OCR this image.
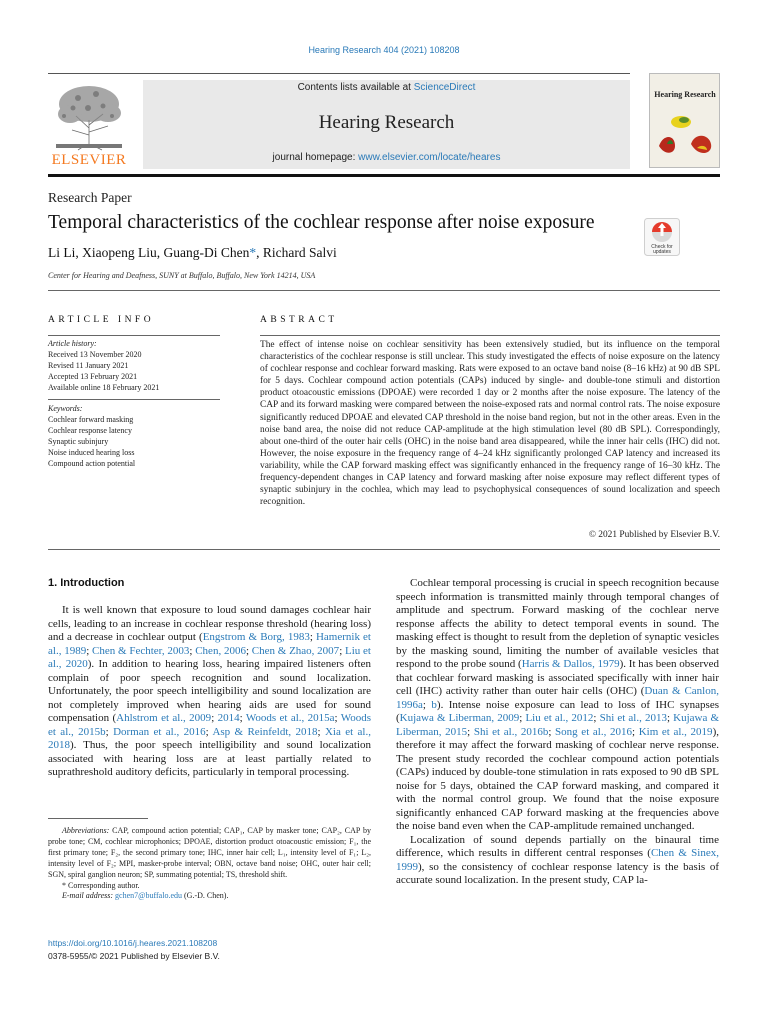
Hearing Research 404 (2021) 108208
ELSEVIER
Contents lists available at ScienceDirect
Hearing Research
journal homepage: www.elsevier.com/locate/heares
Hearing Research
Research Paper
Temporal characteristics of the cochlear response after noise exposure
Check for
updates
Li Li, Xiaopeng Liu, Guang-Di Chen*, Richard Salvi
Center for Hearing and Deafness, SUNY at Buffalo, Buffalo, New York 14214, USA
ARTICLE INFO	ABSTRACT
Article history:
Received 13 November 2020
Revised 11 January 2021
Accepted 13 February 2021
Available online 18 February 2021
Keywords:
Cochlear forward masking
Cochlear response latency
Synaptic subinjury
Noise induced hearing loss
Compound action potential
The effect of intense noise on cochlear sensitivity has been extensively studied, but its influence on the temporal characteristics of the cochlear response is still unclear. This study investigated the effects of noise exposure on the latency of cochlear response and cochlear forward masking. Rats were exposed to an octave band noise (8–16 kHz) at 90 dB SPL for 5 days. Cochlear compound action potentials (CAPs) induced by single- and double-tone stimuli and distortion product otoacoustic emissions (DPOAE) were recorded 1 day or 2 months after the noise exposure. The latency of the CAP and its forward masking were compared between the noise-exposed rats and normal control rats. The noise exposure significantly reduced DPOAE and elevated CAP threshold in the noise band region, but not in the other areas. Even in the noise band area, the noise did not reduce CAP-amplitude at the high stimulation level (80 dB SPL). Correspondingly, about one-third of the outer hair cells (OHC) in the noise band area disappeared, while the inner hair cells (IHC) did not. However, the noise exposure in the frequency range of 4–24 kHz significantly prolonged CAP latency and increased its variability, while the CAP forward masking effect was significantly enhanced in the frequency range of 16–30 kHz. The frequency-dependent changes in CAP latency and forward masking after noise exposure may reflect different types of synaptic subinjury in the cochlea, which may lead to psychophysical consequences of sound localization and speech recognition.
© 2021 Published by Elsevier B.V.
1. Introduction

It is well known that exposure to loud sound damages cochlear hair cells, leading to an increase in cochlear response threshold (hearing loss) and a decrease in cochlear output (Engstrom & Borg, 1983; Hamernik et al., 1989; Chen & Fechter, 2003; Chen, 2006; Chen & Zhao, 2007; Liu et al., 2020). In addition to hearing loss, hearing impaired listeners often complain of poor speech recognition and sound localization. Unfortunately, the poor speech intelligibility and sound localization are not completely improved when hearing aids are used for sound compensation (Ahlstrom et al., 2009; 2014; Woods et al., 2015a; Woods et al., 2015b; Dorman et al., 2016; Asp & Reinfeldt, 2018; Xia et al., 2018). Thus, the poor speech intelligibility and sound localization associated with hearing loss are at least partially related to suprathreshold auditory deficits, particularly in temporal processing.

Cochlear temporal processing is crucial in speech recognition because speech information is transmitted mainly through temporal changes of amplitude and spectrum. Forward masking of the cochlear nerve response affects the ability to detect temporal events in sound. The masking effect is thought to result from the depletion of synaptic vesicles by the masking sound, limiting the number of available vesicles that respond to the probe sound (Harris & Dallos, 1979). It has been observed that cochlear forward masking is associated specifically with inner hair cell (IHC) activity rather than outer hair cells (OHC) (Duan & Canlon, 1996a; b). Intense noise exposure can lead to loss of IHC synapses (Kujawa & Liberman, 2009; Liu et al., 2012; Shi et al., 2013; Kujawa & Liberman, 2015; Shi et al., 2016b; Song et al., 2016; Kim et al., 2019), therefore it may affect the forward masking of cochlear nerve response. The present study recorded the cochlear compound action potentials (CAPs) induced by double-tone stimulation in rats exposed to 90 dB SPL noise for 5 days, obtained the CAP forward masking, and compared it with the normal control group. We found that the noise exposure significantly enhanced CAP forward masking at the frequencies above the noise band even when the CAP-amplitude remained unchanged.

Localization of sound depends partially on the binaural time difference, which results in different central responses (Chen & Sinex, 1999), so the consistency of cochlear response latency is the basis of accurate sound localization. In the present study, CAP la-

Abbreviations: CAP, compound action potential; CAP₁, CAP by masker tone; CAP₂, CAP by probe tone; CM, cochlear microphonics; DPOAE, distortion product otoacoustic emission; F₁, the first primary tone; F₂, the second primary tone; IHC, inner hair cell; L₁, intensity level of F₁; L₂, intensity level of F₂; MPI, masker-probe interval; OBN, octave band noise; OHC, outer hair cell; SGN, spiral ganglion neuron; SP, summating potential; TS, threshold shift.

* Corresponding author.

E-mail address: gchen7@buffalo.edu (G.-D. Chen).

https://doi.org/10.1016/j.heares.2021.108208
0378-5955/© 2021 Published by Elsevier B.V.
